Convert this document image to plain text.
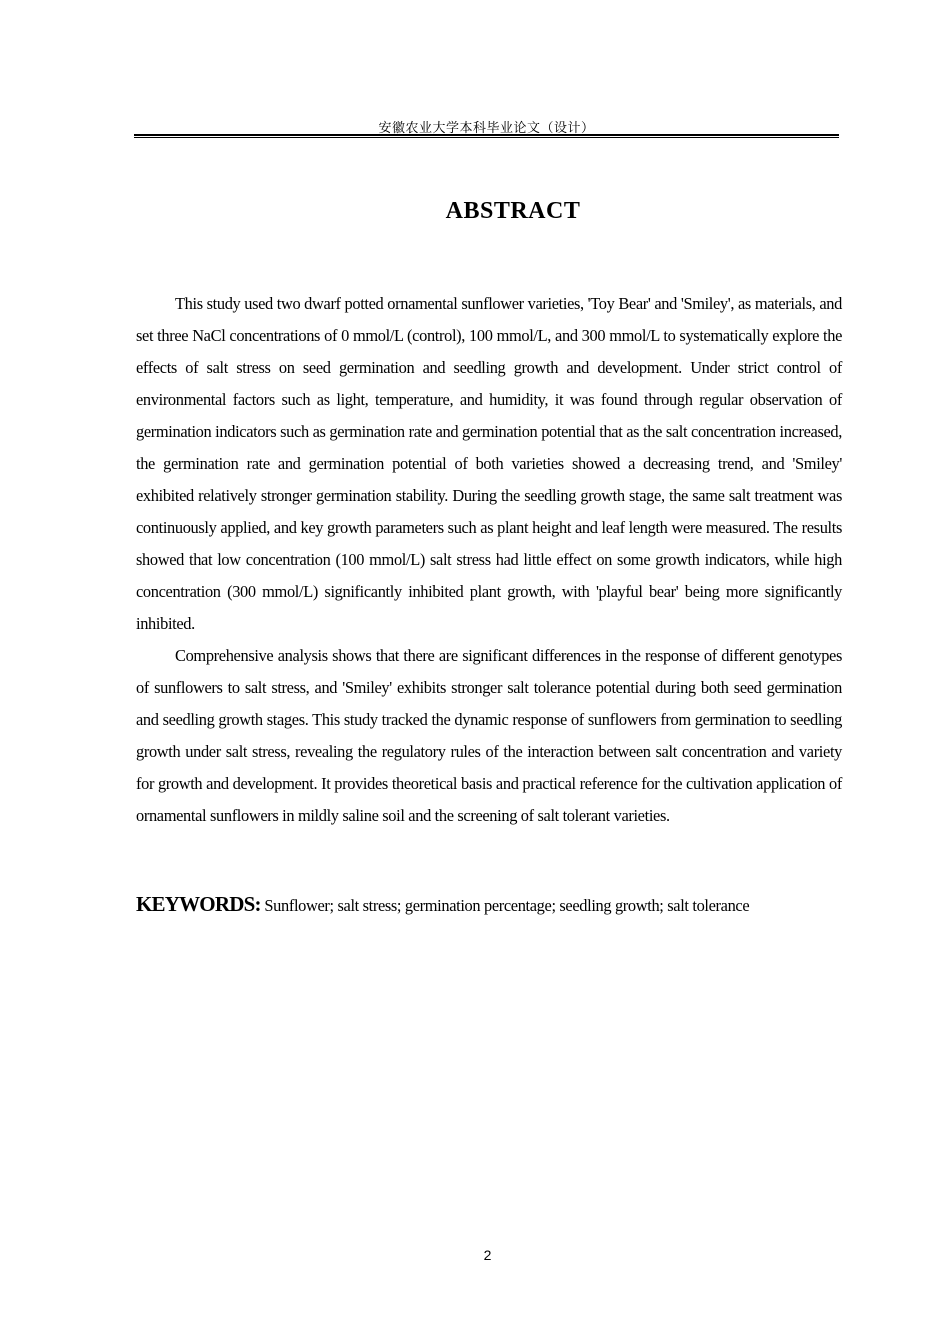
安徽农业大学本科毕业论文（设计）
ABSTRACT

This study used two dwarf potted ornamental sunflower varieties, 'Toy Bear' and 'Smiley', as materials, and set three NaCl concentrations of 0 mmol/L (control), 100 mmol/L, and 300 mmol/L to systematically explore the effects of salt stress on seed germination and seedling growth and development. Under strict control of environmental factors such as light, temperature, and humidity, it was found through regular observation of germination indicators such as germination rate and germination potential that as the salt concentration increased, the germination rate and germination potential of both varieties showed a decreasing trend, and 'Smiley' exhibited relatively stronger germination stability. During the seedling growth stage, the same salt treatment was continuously applied, and key growth parameters such as plant height and leaf length were measured. The results showed that low concentration (100 mmol/L) salt stress had little effect on some growth indicators, while high concentration (300 mmol/L) significantly inhibited plant growth, with 'playful bear' being more significantly inhibited.

Comprehensive analysis shows that there are significant differences in the response of different genotypes of sunflowers to salt stress, and 'Smiley' exhibits stronger salt tolerance potential during both seed germination and seedling growth stages. This study tracked the dynamic response of sunflowers from germination to seedling growth under salt stress, revealing the regulatory rules of the interaction between salt concentration and variety for growth and development. It provides theoretical basis and practical reference for the cultivation application of ornamental sunflowers in mildly saline soil and the screening of salt tolerant varieties.

KEYWORDS: Sunflower; salt stress; germination percentage; seedling growth; salt tolerance
2
